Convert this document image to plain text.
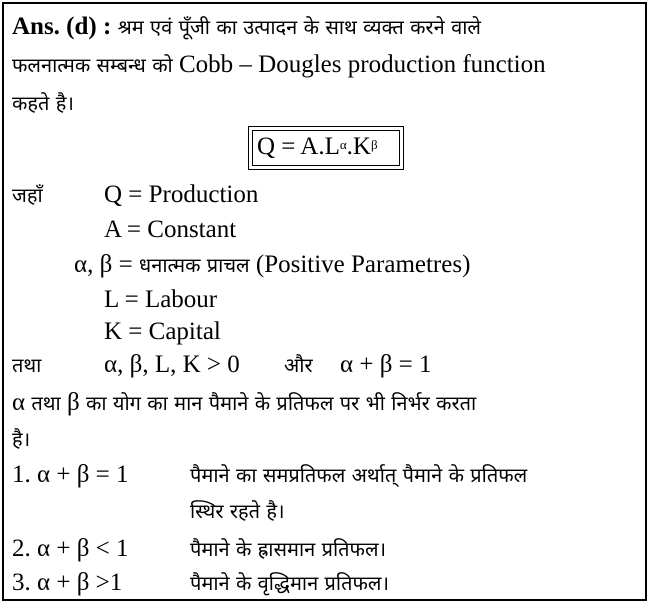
Ans. (d) : श्रम एवं पूँजी का उत्पादन के साथ व्यक्त करने वाले
फलनात्मक सम्बन्ध को Cobb – Dougles production function
कहते है।
$Q = A.L^\alpha.K^\beta$
जहाँ Q = Production
A = Constant
α, β = धनात्मक प्राचल (Positive Parametres)
L = Labour
K = Capital
तथा	α, β, L, K > 0 और α + β = 1
α तथा β का योग का मान पैमाने के प्रतिफल पर भी निर्भर करता
है।
1. α + β = 1	पैमाने का समप्रतिफल अर्थात् पैमाने के प्रतिफल
स्थिर रहते है।
2. α + β < 1	पैमाने के ह्रासमान प्रतिफल।
3. α + β >1	पैमाने के वृद्धिमान प्रतिफल।
